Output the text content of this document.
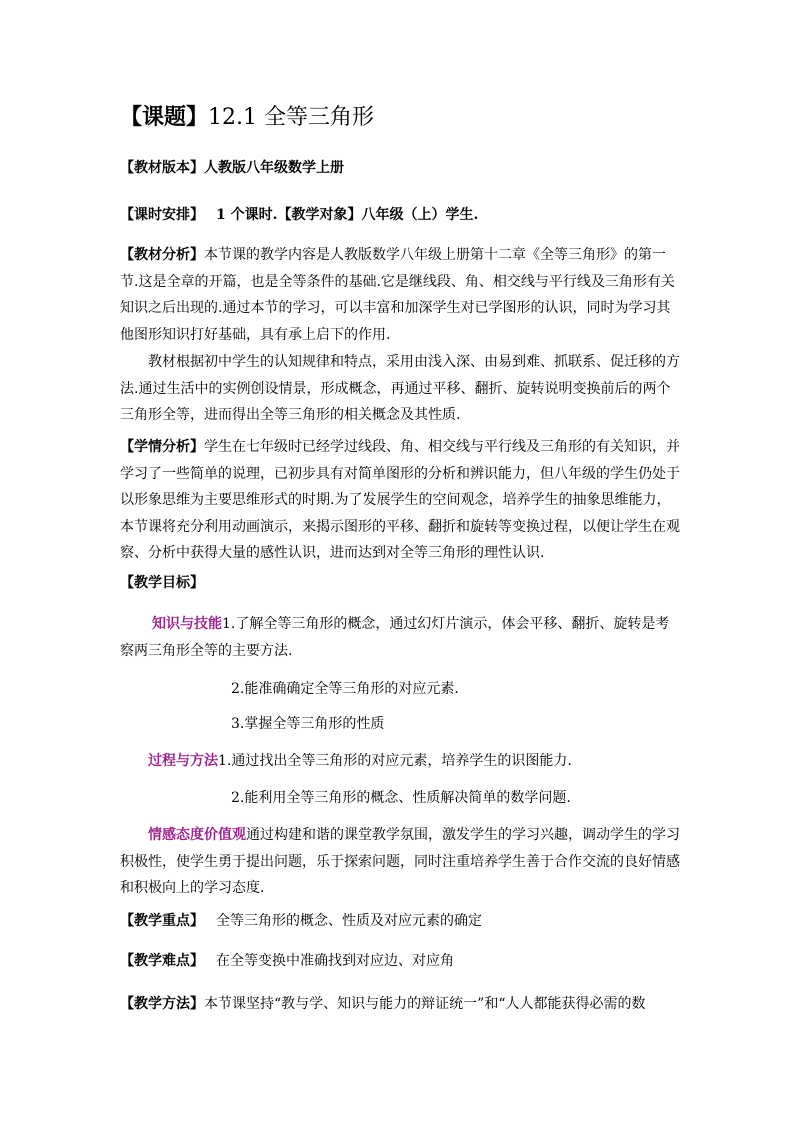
【课题】12.1 全等三角形
【教材版本】人教版八年级数学上册
【课时安排】 1 个课时.【教学对象】八年级（上）学生.
【教材分析】本节课的教学内容是人教版数学八年级上册第十二章《全等三角形》的第一节.这是全章的开篇，也是全等条件的基础.它是继线段、角、相交线与平行线及三角形有关知识之后出现的.通过本节的学习，可以丰富和加深学生对已学图形的认识，同时为学习其他图形知识打好基础，具有承上启下的作用.
教材根据初中学生的认知规律和特点，采用由浅入深、由易到难、抓联系、促迁移的方法.通过生活中的实例创设情景，形成概念，再通过平移、翻折、旋转说明变换前后的两个三角形全等，进而得出全等三角形的相关概念及其性质.
【学情分析】学生在七年级时已经学过线段、角、相交线与平行线及三角形的有关知识，并学习了一些简单的说理，已初步具有对简单图形的分析和辨识能力，但八年级的学生仍处于以形象思维为主要思维形式的时期.为了发展学生的空间观念，培养学生的抽象思维能力，本节课将充分利用动画演示，来揭示图形的平移、翻折和旋转等变换过程，以便让学生在观察、分析中获得大量的感性认识，进而达到对全等三角形的理性认识.
【教学目标】
知识与技能1.了解全等三角形的概念，通过幻灯片演示，体会平移、翻折、旋转是考察两三角形全等的主要方法.
2.能准确确定全等三角形的对应元素.
3.掌握全等三角形的性质
过程与方法1.通过找出全等三角形的对应元素，培养学生的识图能力.
2.能利用全等三角形的概念、性质解决简单的数学问题.
情感态度价值观通过构建和谐的课堂教学氛围，激发学生的学习兴趣，调动学生的学习积极性，使学生勇于提出问题，乐于探索问题，同时注重培养学生善于合作交流的良好情感和积极向上的学习态度.
【教学重点】 全等三角形的概念、性质及对应元素的确定
【教学难点】 在全等变换中准确找到对应边、对应角
【教学方法】本节课坚持“教与学、知识与能力的辩证统一”和“人人都能获得必需的数
